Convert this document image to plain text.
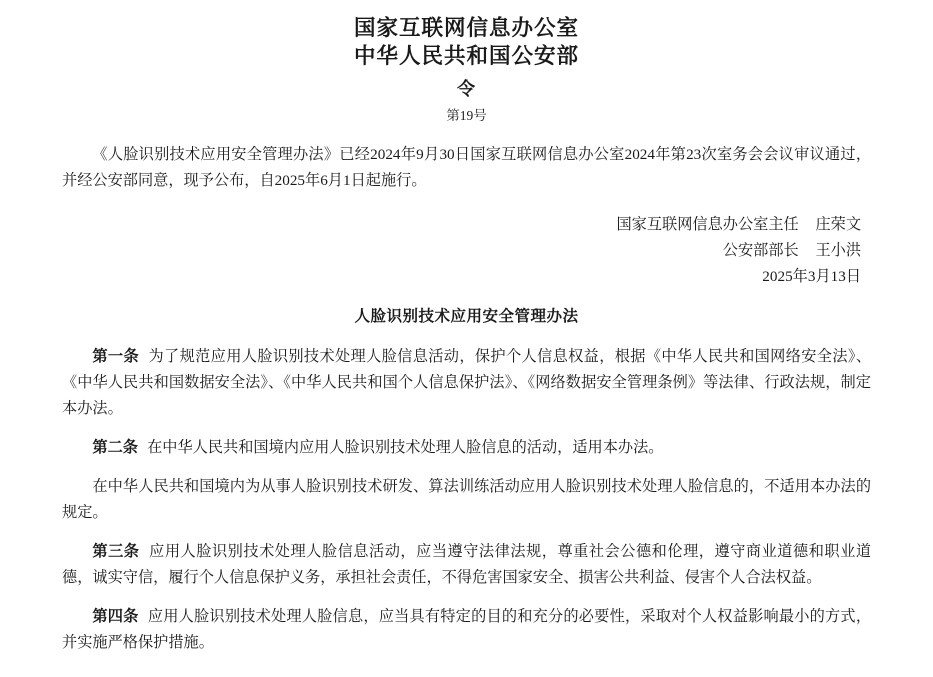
国家互联网信息办公室
中华人民共和国公安部
令
第19号

《人脸识别技术应用安全管理办法》已经2024年9月30日国家互联网信息办公室2024年第23次室务会会议审议通过，并经公安部同意，现予公布，自2025年6月1日起施行。

国家互联网信息办公室主任 庄荣文
公安部部长 王小洪
2025年3月13日
人脸识别技术应用安全管理办法

第一条 为了规范应用人脸识别技术处理人脸信息活动，保护个人信息权益，根据《中华人民共和国网络安全法》、《中华人民共和国数据安全法》、《中华人民共和国个人信息保护法》、《网络数据安全管理条例》等法律、行政法规，制定本办法。

第二条 在中华人民共和国境内应用人脸识别技术处理人脸信息的活动，适用本办法。

在中华人民共和国境内为从事人脸识别技术研发、算法训练活动应用人脸识别技术处理人脸信息的，不适用本办法的规定。

第三条 应用人脸识别技术处理人脸信息活动，应当遵守法律法规，尊重社会公德和伦理，遵守商业道德和职业道德，诚实守信，履行个人信息保护义务，承担社会责任，不得危害国家安全、损害公共利益、侵害个人合法权益。

第四条 应用人脸识别技术处理人脸信息，应当具有特定的目的和充分的必要性，采取对个人权益影响最小的方式，并实施严格保护措施。
